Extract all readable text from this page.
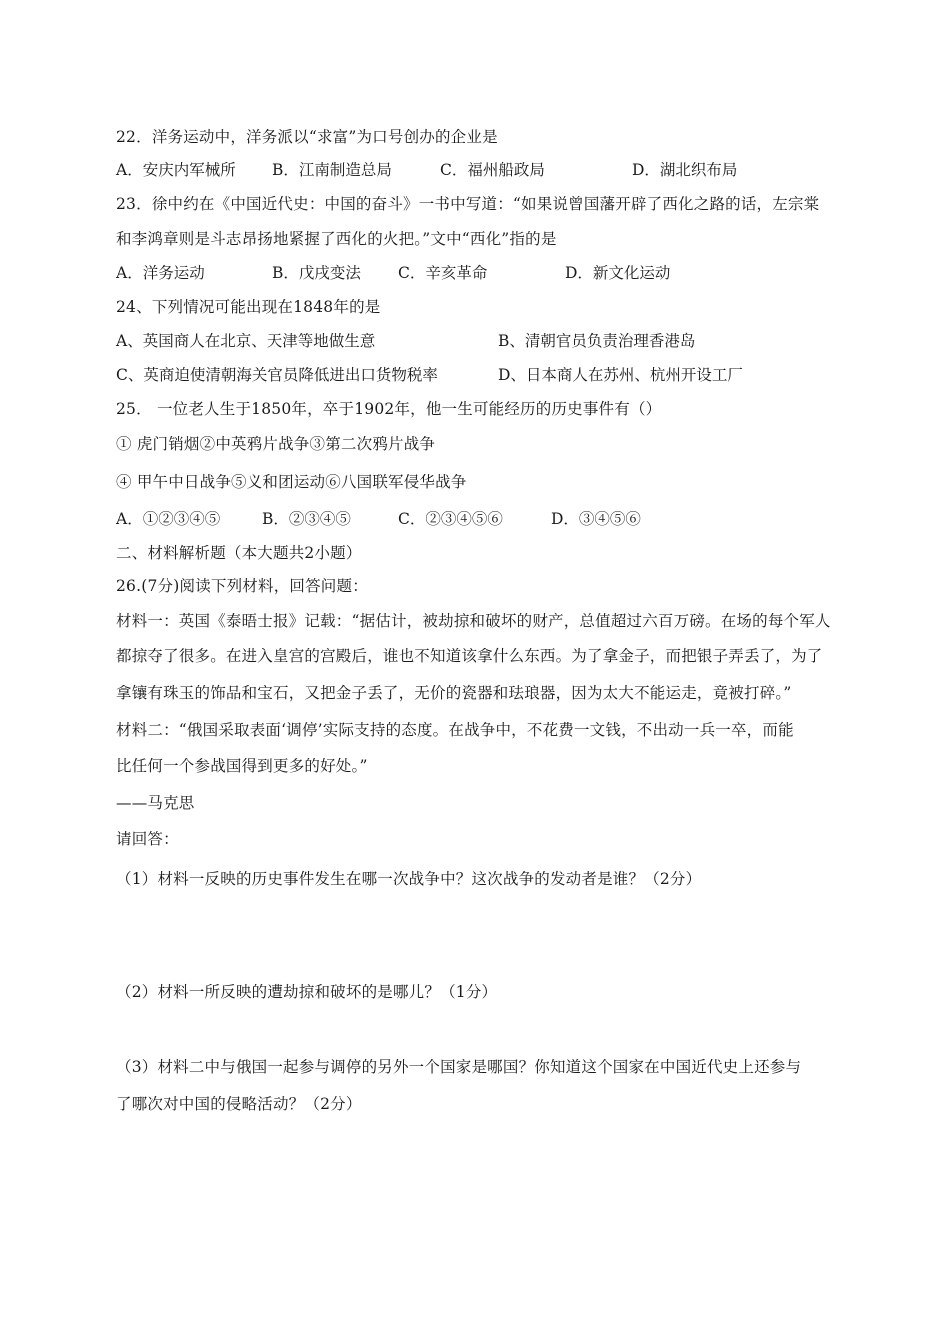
22．洋务运动中，洋务派以“求富”为口号创办的企业是
A．安庆内军械所 B．江南制造总局	C．福州船政局	D．湖北织布局
23．徐中约在《中国近代史：中国的奋斗》一书中写道：“如果说曾国藩开辟了西化之路的话，左宗棠
和李鸿章则是斗志昂扬地紧握了西化的火把。”文中“西化”指的是
A．洋务运动	B．戊戌变法 C．辛亥革命	D．新文化运动
24、下列情况可能出现在1848年的是
A、英国商人在北京、天津等地做生意	B、清朝官员负责治理香港岛
C、英商迫使清朝海关官员降低进出口货物税率	D、日本商人在苏州、杭州开设工厂
25． 一位老人生于1850年，卒于1902年，他一生可能经历的历史事件有（）
① 虎门销烟②中英鸦片战争③第二次鸦片战争
④ 甲午中日战争⑤义和团运动⑥八国联军侵华战争
A．①②③④⑤	B．②③④⑤	C．②③④⑤⑥	D．③④⑤⑥
二、材料解析题（本大题共2小题）
26.(7分)阅读下列材料，回答问题：
材料一：英国《泰晤士报》记载：“据估计，被劫掠和破坏的财产，总值超过六百万磅。在场的每个军人
都掠夺了很多。在进入皇宫的宫殿后，谁也不知道该拿什么东西。为了拿金子，而把银子弄丢了，为了
拿镶有珠玉的饰品和宝石，又把金子丢了，无价的瓷器和珐琅器，因为太大不能运走，竟被打碎。”
材料二：“俄国采取表面‘调停’实际支持的态度。在战争中，不花费一文钱，不出动一兵一卒，而能
比任何一个参战国得到更多的好处。”
——马克思
请回答：
（1）材料一反映的历史事件发生在哪一次战争中？这次战争的发动者是谁？（2分）
（2）材料一所反映的遭劫掠和破坏的是哪儿？（1分）
（3）材料二中与俄国一起参与调停的另外一个国家是哪国？你知道这个国家在中国近代史上还参与
了哪次对中国的侵略活动？（2分）
